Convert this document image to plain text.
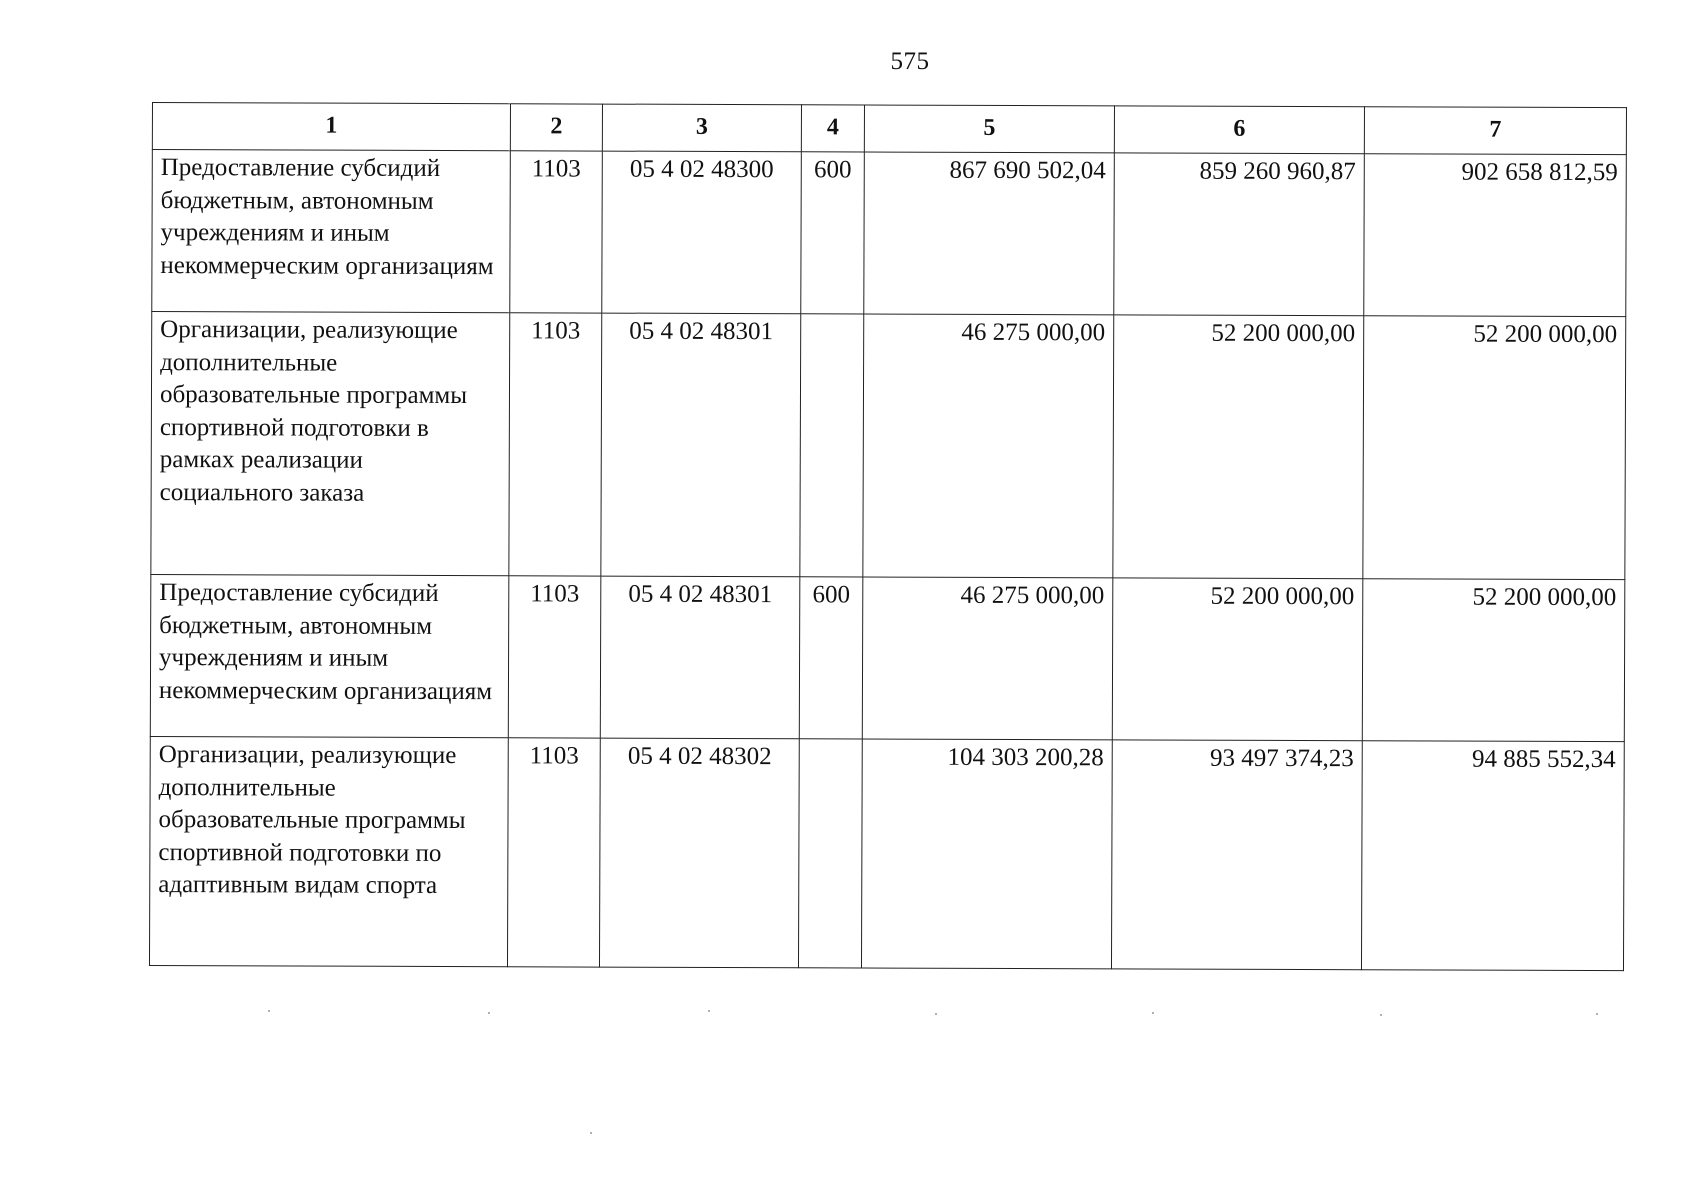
575
1	2	3	4	5	6	7
Предоставление субсидий бюджетным, автономным учреждениям и иным некоммерческим организациям	1103	05 4 02 48300	600	867 690 502,04	859 260 960,87	902 658 812,59
Организации, реализующие дополнительные образовательные программы спортивной подготовки в рамках реализации социального заказа	1103	05 4 02 48301		46 275 000,00	52 200 000,00	52 200 000,00
Предоставление субсидий бюджетным, автономным учреждениям и иным некоммерческим организациям	1103	05 4 02 48301	600	46 275 000,00	52 200 000,00	52 200 000,00
Организации, реализующие дополнительные образовательные программы спортивной подготовки по адаптивным видам спорта	1103	05 4 02 48302		104 303 200,28	93 497 374,23	94 885 552,34
